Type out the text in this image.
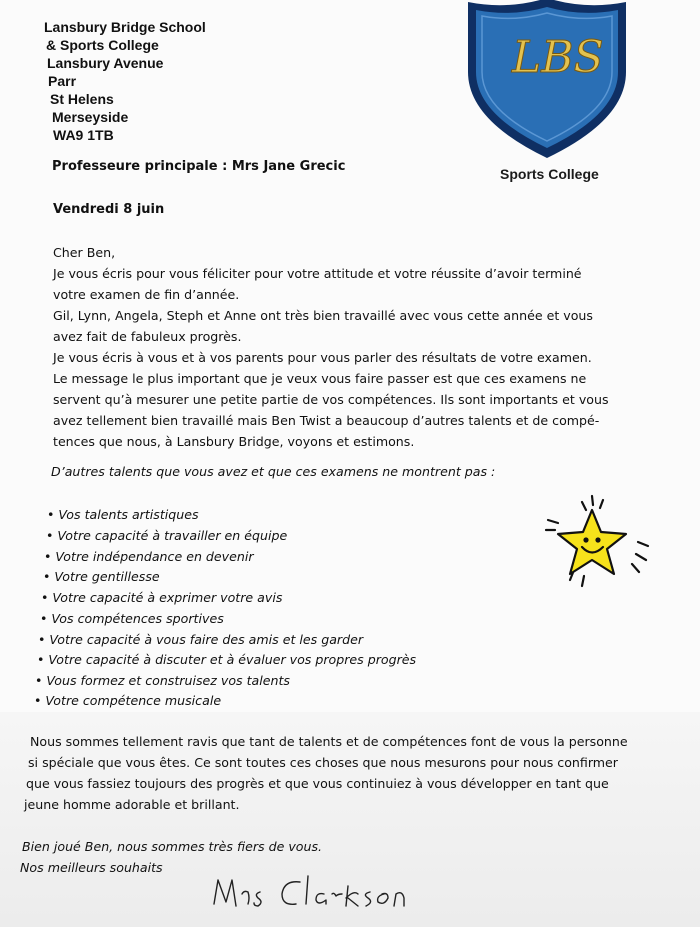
Lansbury Bridge School
& Sports College
Lansbury Avenue
Parr
St Helens
Merseyside
WA9 1TB
LBS
Sports College
Professeure principale : Mrs Jane Grecic
Vendredi 8 juin
Cher Ben,
Je vous écris pour vous féliciter pour votre attitude et votre réussite d’avoir terminé
votre examen de fin d’année.
Gil, Lynn, Angela, Steph et Anne ont très bien travaillé avec vous cette année et vous
avez fait de fabuleux progrès.
Je vous écris à vous et à vos parents pour vous parler des résultats de votre examen.
Le message le plus important que je veux vous faire passer est que ces examens ne
servent qu’à mesurer une petite partie de vos compétences. Ils sont importants et vous
avez tellement bien travaillé mais Ben Twist a beaucoup d’autres talents et de compé-
tences que nous, à Lansbury Bridge, voyons et estimons.
D’autres talents que vous avez et que ces examens ne montrent pas :
• Vos talents artistiques
• Votre capacité à travailler en équipe
• Votre indépendance en devenir
• Votre gentillesse
• Votre capacité à exprimer votre avis
• Vos compétences sportives
• Votre capacité à vous faire des amis et les garder
• Votre capacité à discuter et à évaluer vos propres progrès
• Vous formez et construisez vos talents
• Votre compétence musicale
Nous sommes tellement ravis que tant de talents et de compétences font de vous la personne
si spéciale que vous êtes. Ce sont toutes ces choses que nous mesurons pour nous confirmer
que vous fassiez toujours des progrès et que vous continuiez à vous développer en tant que
jeune homme adorable et brillant.
Bien joué Ben, nous sommes très fiers de vous.
Nos meilleurs souhaits
